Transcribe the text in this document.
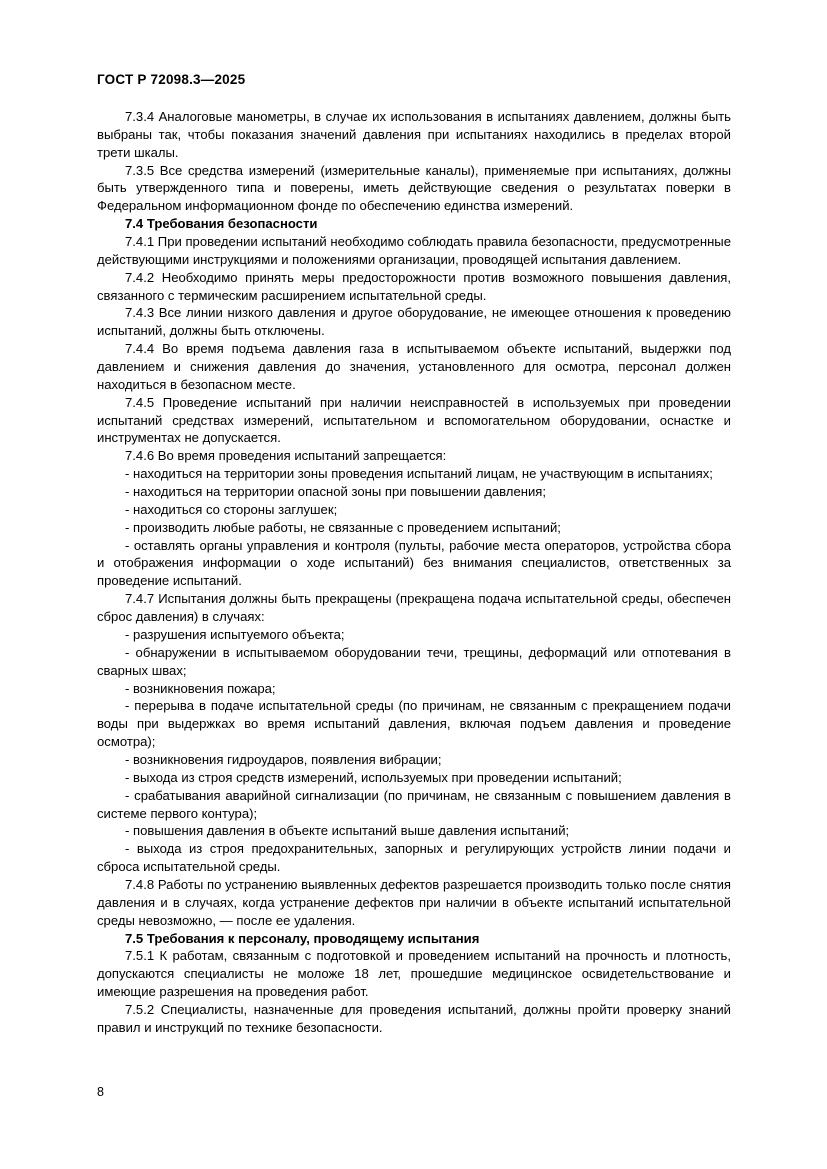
ГОСТ Р 72098.3—2025

7.3.4 Аналоговые манометры, в случае их использования в испытаниях давлением, должны быть выбраны так, чтобы показания значений давления при испытаниях находились в пределах второй трети шкалы.

7.3.5 Все средства измерений (измерительные каналы), применяемые при испытаниях, должны быть утвержденного типа и поверены, иметь действующие сведения о результатах поверки в Федеральном информационном фонде по обеспечению единства измерений.

7.4 Требования безопасности

7.4.1 При проведении испытаний необходимо соблюдать правила безопасности, предусмотренные действующими инструкциями и положениями организации, проводящей испытания давлением.

7.4.2 Необходимо принять меры предосторожности против возможного повышения давления, связанного с термическим расширением испытательной среды.

7.4.3 Все линии низкого давления и другое оборудование, не имеющее отношения к проведению испытаний, должны быть отключены.

7.4.4 Во время подъема давления газа в испытываемом объекте испытаний, выдержки под давлением и снижения давления до значения, установленного для осмотра, персонал должен находиться в безопасном месте.

7.4.5 Проведение испытаний при наличии неисправностей в используемых при проведении испытаний средствах измерений, испытательном и вспомогательном оборудовании, оснастке и инструментах не допускается.

7.4.6 Во время проведения испытаний запрещается:

- находиться на территории зоны проведения испытаний лицам, не участвующим в испытаниях;

- находиться на территории опасной зоны при повышении давления;

- находиться со стороны заглушек;

- производить любые работы, не связанные с проведением испытаний;

- оставлять органы управления и контроля (пульты, рабочие места операторов, устройства сбора и отображения информации о ходе испытаний) без внимания специалистов, ответственных за проведение испытаний.

7.4.7 Испытания должны быть прекращены (прекращена подача испытательной среды, обеспечен сброс давления) в случаях:

- разрушения испытуемого объекта;

- обнаружении в испытываемом оборудовании течи, трещины, деформаций или отпотевания в сварных швах;

- возникновения пожара;

- перерыва в подаче испытательной среды (по причинам, не связанным с прекращением подачи воды при выдержках во время испытаний давления, включая подъем давления и проведение осмотра);

- возникновения гидроударов, появления вибрации;

- выхода из строя средств измерений, используемых при проведении испытаний;

- срабатывания аварийной сигнализации (по причинам, не связанным с повышением давления в системе первого контура);

- повышения давления в объекте испытаний выше давления испытаний;

- выхода из строя предохранительных, запорных и регулирующих устройств линии подачи и сброса испытательной среды.

7.4.8 Работы по устранению выявленных дефектов разрешается производить только после снятия давления и в случаях, когда устранение дефектов при наличии в объекте испытаний испытательной среды невозможно, — после ее удаления.

7.5 Требования к персоналу, проводящему испытания

7.5.1 К работам, связанным с подготовкой и проведением испытаний на прочность и плотность, допускаются специалисты не моложе 18 лет, прошедшие медицинское освидетельствование и имеющие разрешения на проведения работ.

7.5.2 Специалисты, назначенные для проведения испытаний, должны пройти проверку знаний правил и инструкций по технике безопасности.

8
